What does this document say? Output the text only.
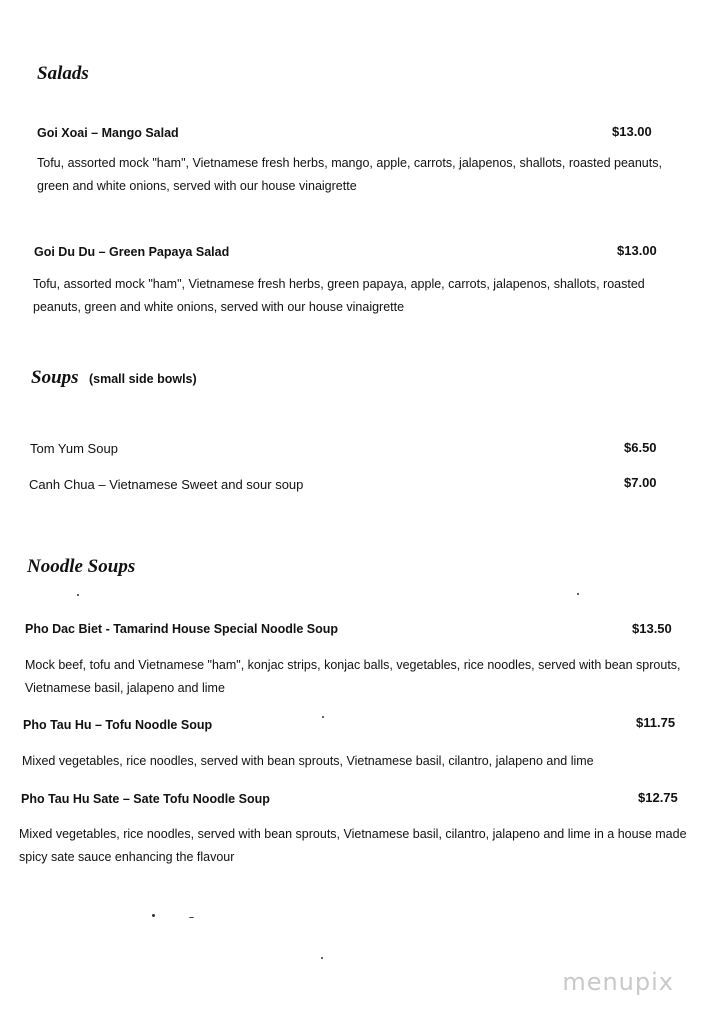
Salads
Goi Xoai – Mango Salad	$13.00
Tofu, assorted mock "ham", Vietnamese fresh herbs, mango, apple, carrots, jalapenos, shallots, roasted peanuts, green and white onions, served with our house vinaigrette
Goi Du Du – Green Papaya Salad	$13.00
Tofu, assorted mock "ham", Vietnamese fresh herbs, green papaya, apple, carrots, jalapenos, shallots, roasted peanuts, green and white onions, served with our house vinaigrette
Soups (small side bowls)
Tom Yum Soup	$6.50
Canh Chua – Vietnamese Sweet and sour soup	$7.00
Noodle Soups
Pho Dac Biet - Tamarind House Special Noodle Soup	$13.50
Mock beef, tofu and Vietnamese "ham", konjac strips, konjac balls, vegetables, rice noodles, served with bean sprouts, Vietnamese basil, jalapeno and lime
Pho Tau Hu – Tofu Noodle Soup	$11.75
Mixed vegetables, rice noodles, served with bean sprouts, Vietnamese basil, cilantro, jalapeno and lime
Pho Tau Hu Sate – Sate Tofu Noodle Soup	$12.75
Mixed vegetables, rice noodles, served with bean sprouts, Vietnamese basil, cilantro, jalapeno and lime in a house made spicy sate sauce enhancing the flavour
menupix
